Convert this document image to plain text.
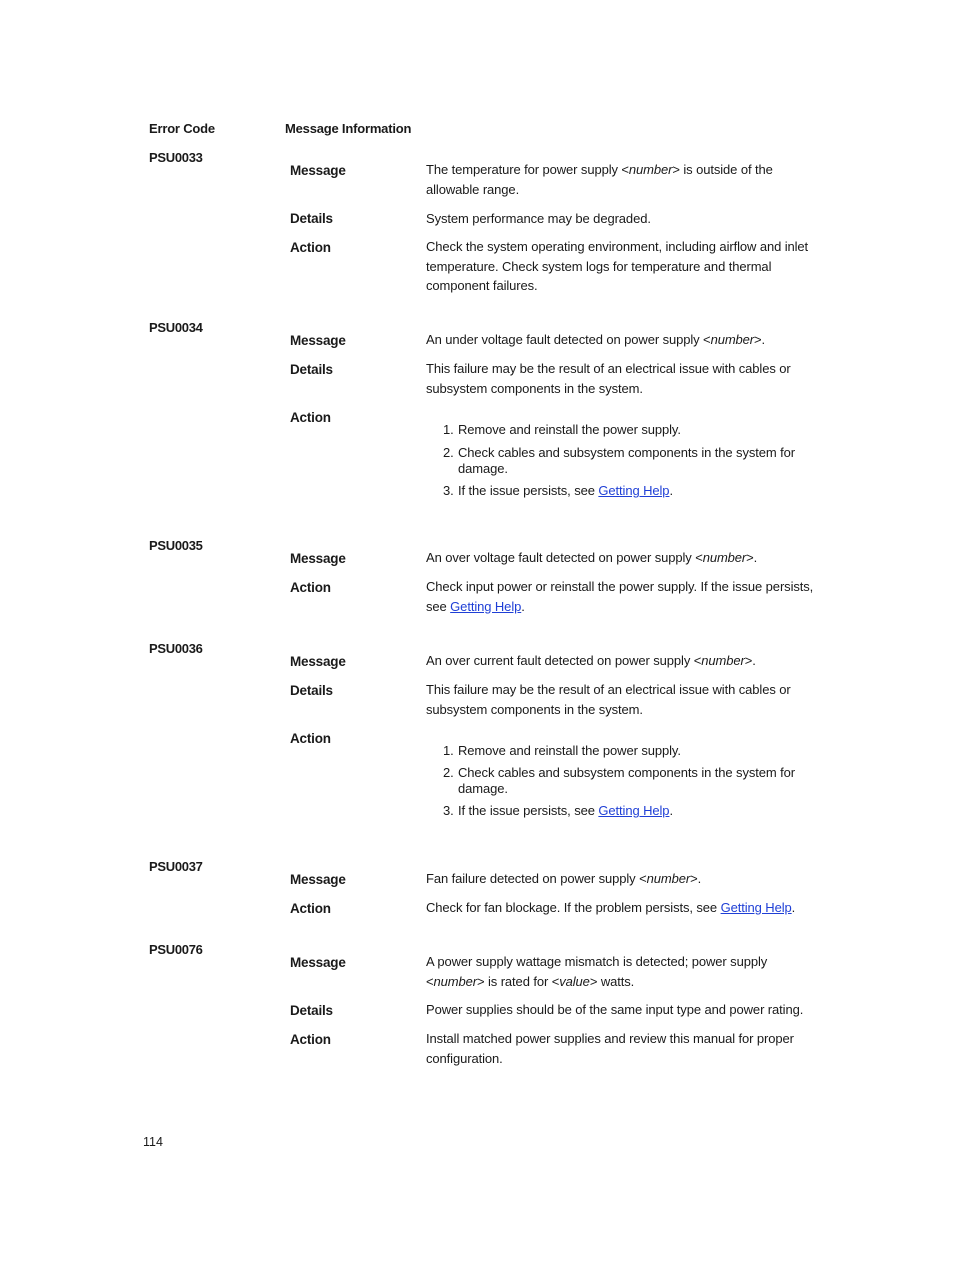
Error Code	Message Information
PSU0033
Message	The temperature for power supply <number> is outside of the
allowable range.
Details	System performance may be degraded.
Action	Check the system operating environment, including airflow and inlet
temperature. Check system logs for temperature and thermal
component failures.
PSU0034
Message	An under voltage fault detected on power supply <number>.
Details	This failure may be the result of an electrical issue with cables or
subsystem components in the system.
Action
1. Remove and reinstall the power supply.
2. Check cables and subsystem components in the system for
damage.
3. If the issue persists, see Getting Help.
PSU0035
Message	An over voltage fault detected on power supply <number>.
Action	Check input power or reinstall the power supply. If the issue persists,
see Getting Help.
PSU0036
Message	An over current fault detected on power supply <number>.
Details	This failure may be the result of an electrical issue with cables or
subsystem components in the system.
Action
1. Remove and reinstall the power supply.
2. Check cables and subsystem components in the system for
damage.
3. If the issue persists, see Getting Help.
PSU0037
Message	Fan failure detected on power supply <number>.
Action	Check for fan blockage. If the problem persists, see Getting Help.
PSU0076
Message	A power supply wattage mismatch is detected; power supply
<number> is rated for <value> watts.
Details	Power supplies should be of the same input type and power rating.
Action	Install matched power supplies and review this manual for proper
configuration.
114
